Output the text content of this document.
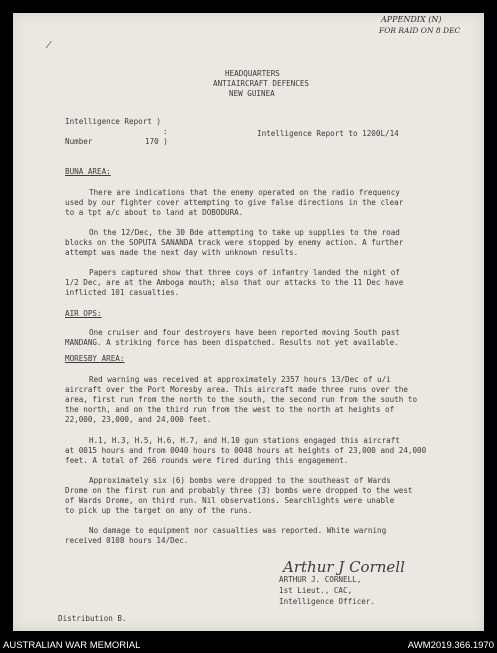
APPENDIX (N)
FOR RAID ON 8 DEC
⁄
HEADQUARTERS
ANTIAIRCRAFT DEFENCES
NEW GUINEA
Intelligence Report )
:
Number	170 )
Intelligence Report to 1200L/14
BUNA AREA:
There are indications that the enemy operated on the radio frequency
used by our fighter cover attempting to give false directions in the clear
to a tpt a/c about to land at DOBODURA.
On the 12/Dec, the 30 Bde attempting to take up supplies to the road
blocks on the SOPUTA SANANDA track were stopped by enemy action. A further
attempt was made the next day with unknown results.
Papers captured show that three coys of infantry landed the night of
1/2 Dec, are at the Amboga mouth; also that our attacks to the 11 Dec have
inflicted 101 casualties.
AIR OPS:
One cruiser and four destroyers have been reported moving South past
MANDANG. A striking force has been dispatched. Results not yet available.
MORESBY AREA:
Red warning was received at approximately 2357 hours 13/Dec of u/i
aircraft over the Port Moresby area. This aircraft made three runs over the
area, first run from the north to the south, the second run from the south to
the north, and on the third run from the west to the north at heights of
22,000, 23,000, and 24,000 feet.
H.1, H.3, H.5, H.6, H.7, and H.10 gun stations engaged this aircraft
at 0015 hours and from 0040 hours to 0048 hours at heights of 23,000 and 24,000
feet. A total of 266 rounds were fired during this engagement.
Approximately six (6) bombs were dropped to the southeast of Wards
Drome on the first run and probably three (3) bombs were dropped to the west
of Wards Drome, on third run. Nil observations. Searchlights were unable
to pick up the target on any of the runs.
No damage to equipment nor casualties was reported. White warning
received 0108 hours 14/Dec.
Arthur J Cornell
ARTHUR J. CORNELL,
1st Lieut., CAC,
Intelligence Officer.
Distribution B.
AUSTRALIAN WAR MEMORIAL	AWM2019.366.1970
